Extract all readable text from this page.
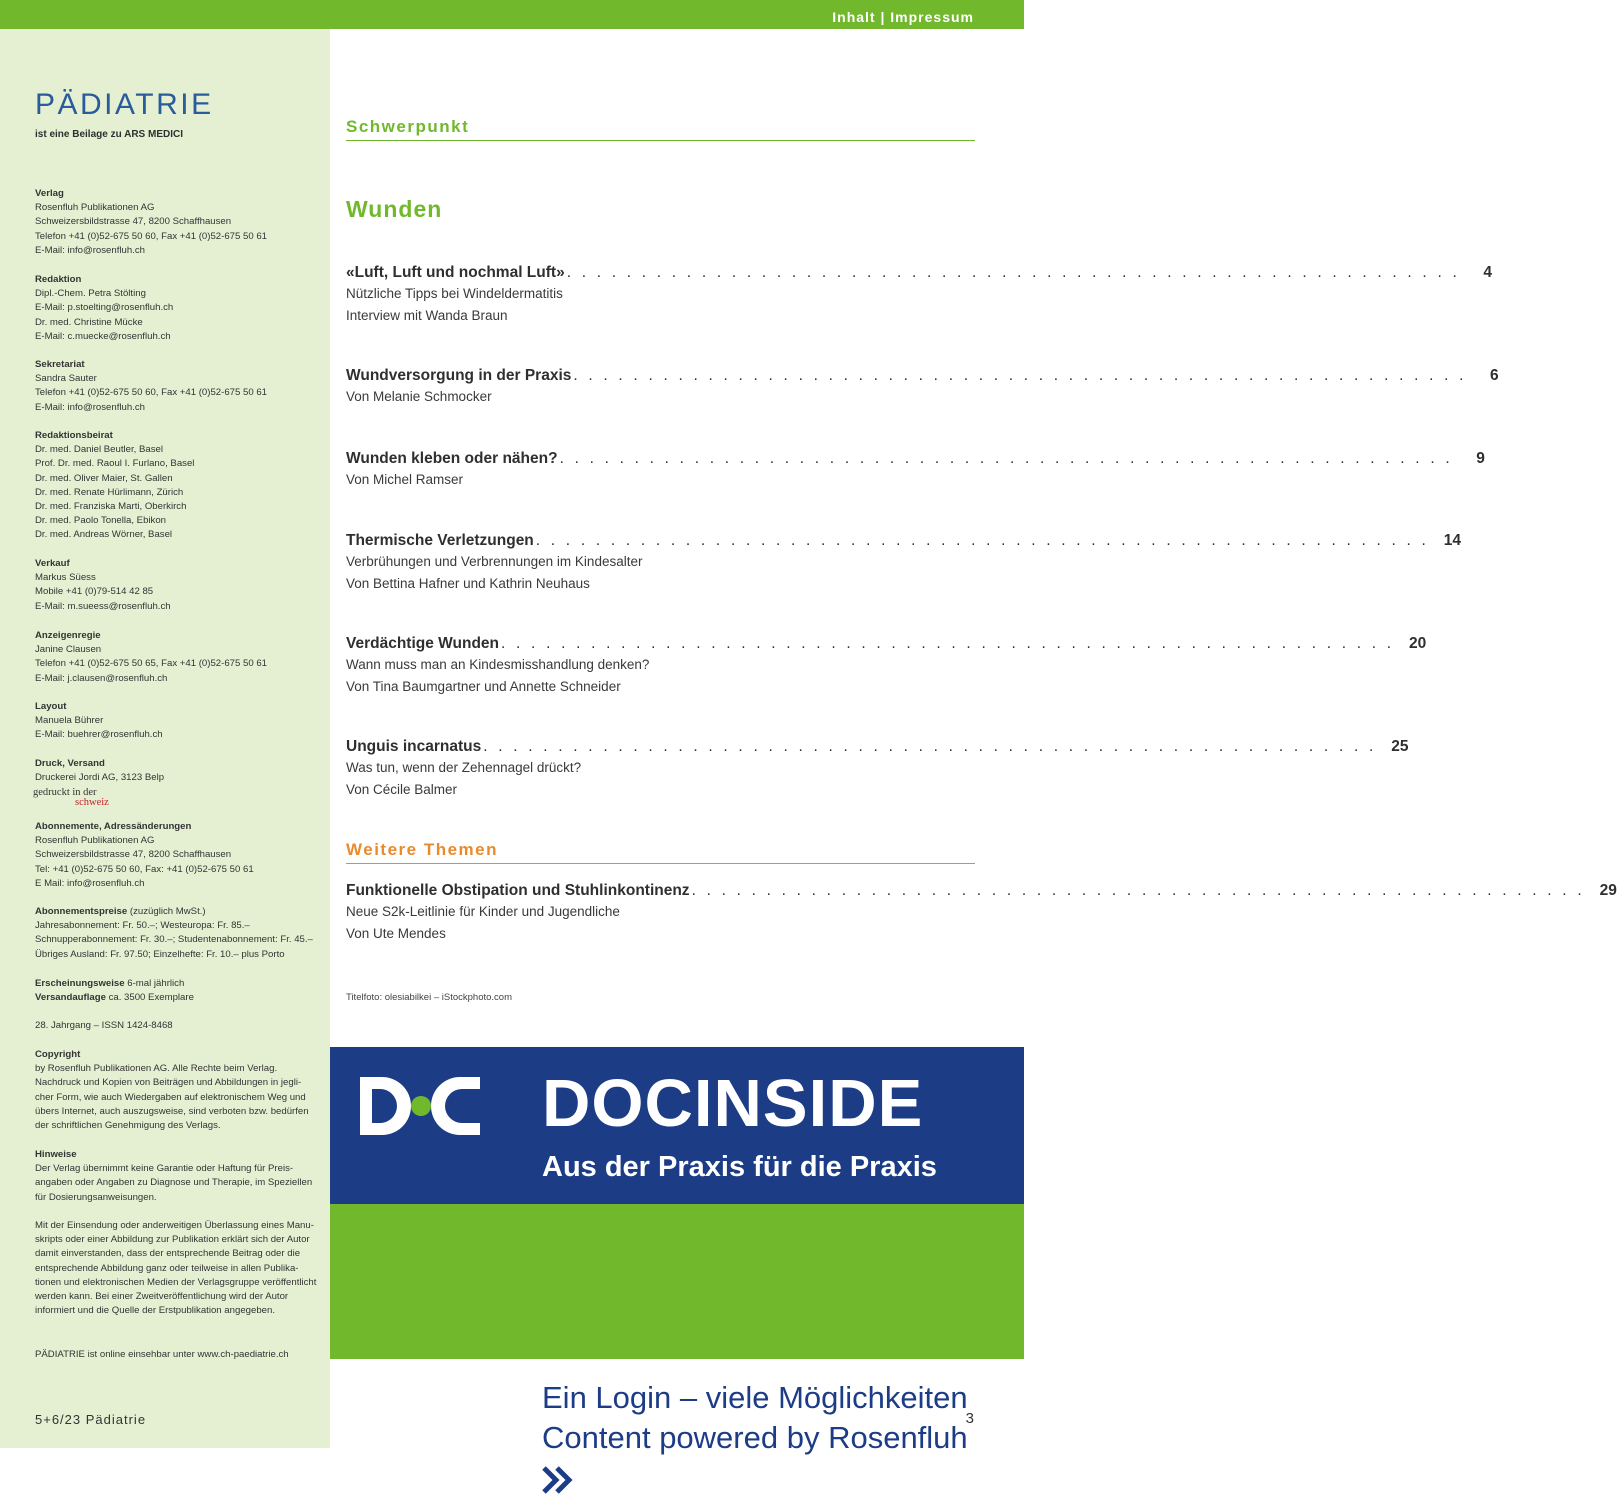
Inhalt | Impressum
PÄDIATRIE
ist eine Beilage zu ARS MEDICI
Verlag
Rosenfluh Publikationen AG
Schweizersbildstrasse 47, 8200 Schaffhausen
Telefon +41 (0)52-675 50 60, Fax +41 (0)52-675 50 61
E-Mail: info@rosenfluh.ch
Redaktion
Dipl.-Chem. Petra Stölting
E-Mail: p.stoelting@rosenfluh.ch
Dr. med. Christine Mücke
E-Mail: c.muecke@rosenfluh.ch
Sekretariat
Sandra Sauter
Telefon +41 (0)52-675 50 60, Fax +41 (0)52-675 50 61
E-Mail: info@rosenfluh.ch
Redaktionsbeirat
Dr. med. Daniel Beutler, Basel
Prof. Dr. med. Raoul I. Furlano, Basel
Dr. med. Oliver Maier, St. Gallen
Dr. med. Renate Hürlimann, Zürich
Dr. med. Franziska Marti, Oberkirch
Dr. med. Paolo Tonella, Ebikon
Dr. med. Andreas Wörner, Basel
Verkauf
Markus Süess
Mobile +41 (0)79-514 42 85
E-Mail: m.sueess@rosenfluh.ch
Anzeigenregie
Janine Clausen
Telefon +41 (0)52-675 50 65, Fax +41 (0)52-675 50 61
E-Mail: j.clausen@rosenfluh.ch
Layout
Manuela Bührer
E-Mail: buehrer@rosenfluh.ch
Druck, Versand
Druckerei Jordi AG, 3123 Belp
gedruckt in der
schweiz
Abonnemente, Adressänderungen
Rosenfluh Publikationen AG
Schweizersbildstrasse 47, 8200 Schaffhausen
Tel: +41 (0)52-675 50 60, Fax: +41 (0)52-675 50 61
E Mail: info@rosenfluh.ch
Abonnementspreise (zuzüglich MwSt.)
Jahresabonnement: Fr. 50.–; Westeuropa: Fr. 85.–
Schnupperabonnement: Fr. 30.–; Studentenabonnement: Fr. 45.–
Übriges Ausland: Fr. 97.50; Einzelhefte: Fr. 10.– plus Porto
Erscheinungsweise 6-mal jährlich
Versandauflage ca. 3500 Exemplare
28. Jahrgang – ISSN 1424-8468
Copyright
by Rosenfluh Publikationen AG. Alle Rechte beim Verlag.
Nachdruck und Kopien von Beiträgen und Abbildungen in jegli-
cher Form, wie auch Wiedergaben auf elektronischem Weg und
übers Internet, auch auszugsweise, sind verboten bzw. bedürfen
der schriftlichen Genehmigung des Verlags.
Hinweise
Der Verlag übernimmt keine Garantie oder Haftung für Preis-
angaben oder Angaben zu Diagnose und Therapie, im Speziellen
für Dosierungsanweisungen.
Mit der Einsendung oder anderweitigen Überlassung eines Manu-
skripts oder einer Abbildung zur Publikation erklärt sich der Autor
damit einverstanden, dass der entsprechende Beitrag oder die
entsprechende Abbildung ganz oder teilweise in allen Publika-
tionen und elektronischen Medien der Verlagsgruppe veröffentlicht
werden kann. Bei einer Zweitveröffentlichung wird der Autor
informiert und die Quelle der Erstpublikation angegeben.
PÄDIATRIE ist online einsehbar unter www.ch-paediatrie.ch
Schwerpunkt
Wunden
«Luft, Luft und nochmal Luft» . . . . . . . . . . . . . . . . . . . . . . . . . . . . . . . . . . . . . . . . . . . . . . . . . . . . . . . . . . . .	4
Nützliche Tipps bei Windeldermatitis
Interview mit Wanda Braun
Wundversorgung in der Praxis . . . . . . . . . . . . . . . . . . . . . . . . . . . . . . . . . . . . . . . . . . . . . . . . . . . . . . . . . . . .	6
Von Melanie Schmocker
Wunden kleben oder nähen? . . . . . . . . . . . . . . . . . . . . . . . . . . . . . . . . . . . . . . . . . . . . . . . . . . . . . . . . . . . .	9
Von Michel Ramser
Thermische Verletzungen . . . . . . . . . . . . . . . . . . . . . . . . . . . . . . . . . . . . . . . . . . . . . . . . . . . . . . . . . . . . 14
Verbrühungen und Verbrennungen im Kindesalter
Von Bettina Hafner und Kathrin Neuhaus
Verdächtige Wunden . . . . . . . . . . . . . . . . . . . . . . . . . . . . . . . . . . . . . . . . . . . . . . . . . . . . . . . . . . . . 20
Wann muss man an Kindesmisshandlung denken?
Von Tina Baumgartner und Annette Schneider
Unguis incarnatus . . . . . . . . . . . . . . . . . . . . . . . . . . . . . . . . . . . . . . . . . . . . . . . . . . . . . . . . . . . . 25
Was tun, wenn der Zehennagel drückt?
Von Cécile Balmer
Weitere Themen
Funktionelle Obstipation und Stuhlinkontinenz . . . . . . . . . . . . . . . . . . . . . . . . . . . . . . . . . . . . . . . . . . . . . . . . . . . . . . . . . . . . 29
Neue S2k-Leitlinie für Kinder und Jugendliche
Von Ute Mendes
Titelfoto: olesiabilkei – iStockphoto.com
DOCINSIDE
Aus der Praxis für die Praxis
Ein Login – viele Möglichkeiten
Content powered by Rosenfluh
www.docinside.ch
5+6/23 Pädiatrie	3
